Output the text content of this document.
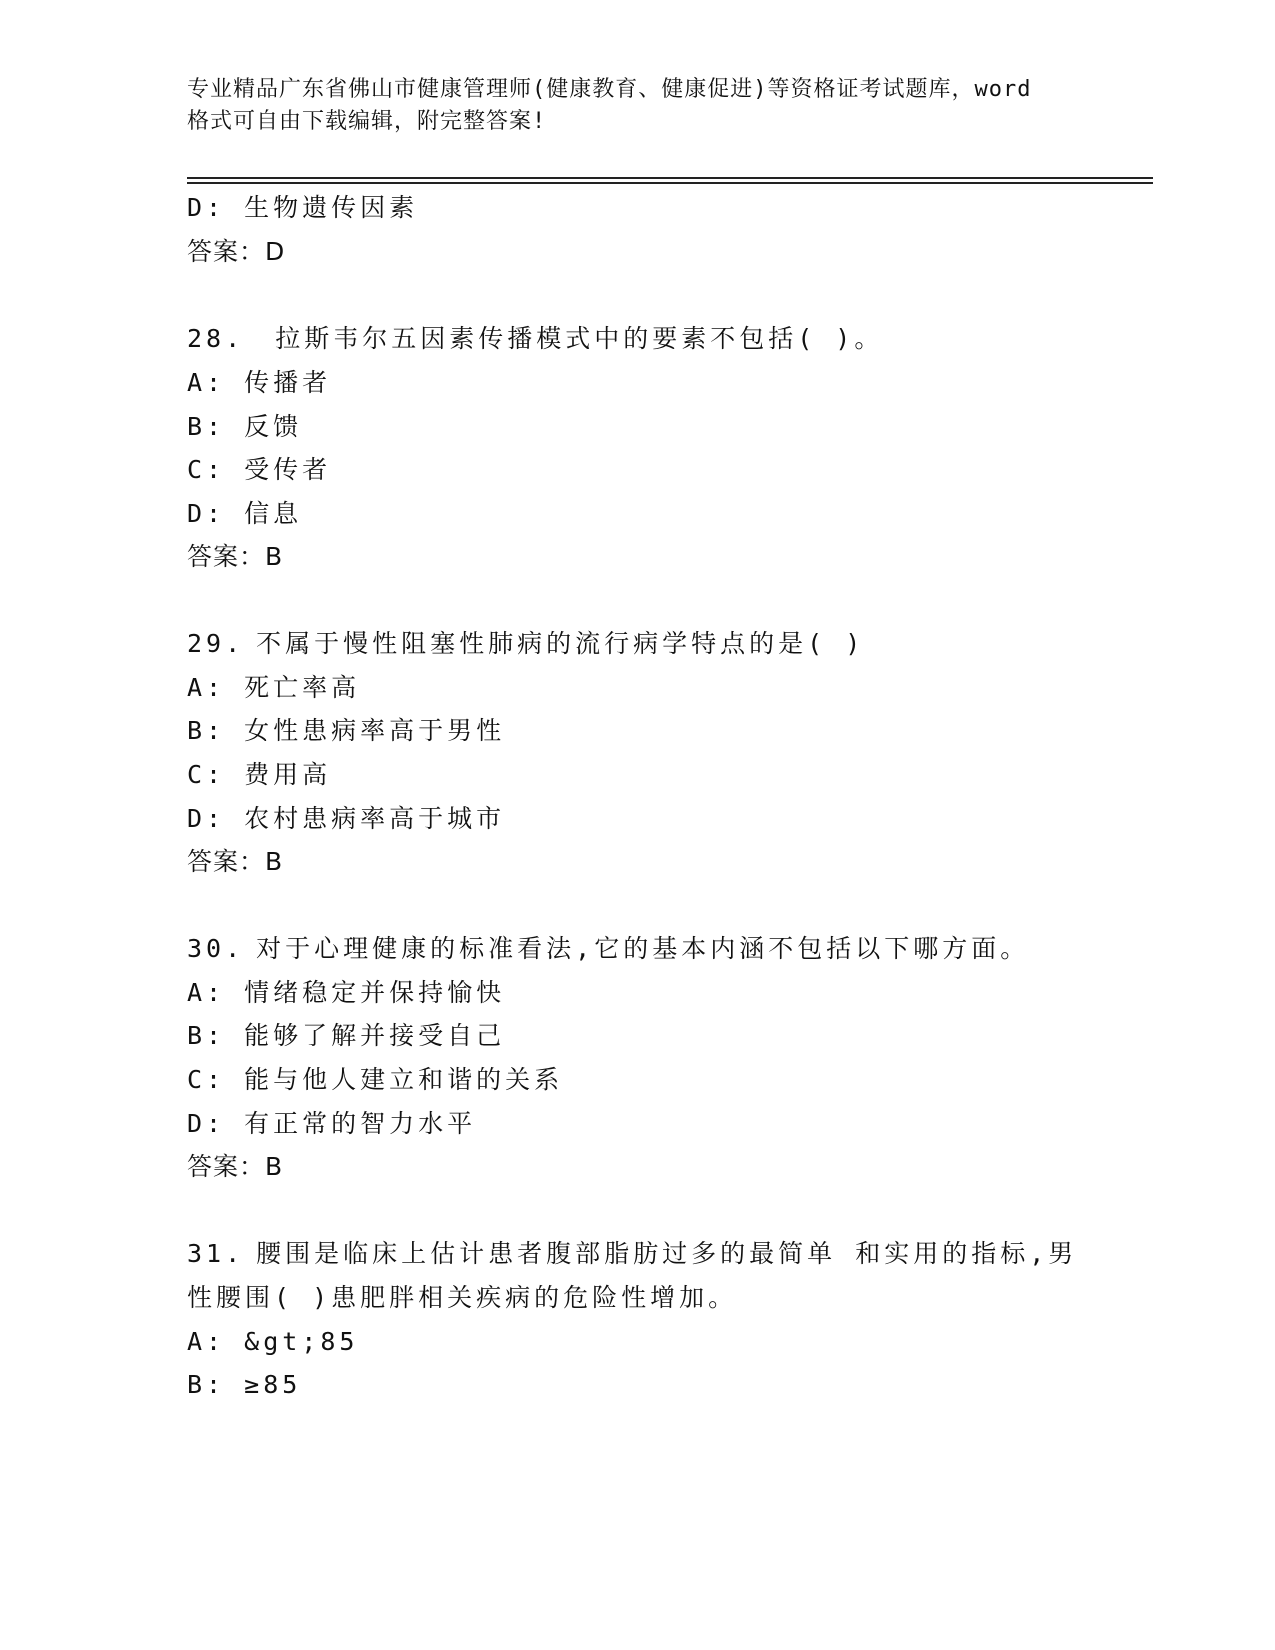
专业精品广东省佛山市健康管理师(健康教育、健康促进)等资格证考试题库，word
格式可自由下载编辑，附完整答案!
D: 生物遗传因素
答案：D
28. 拉斯韦尔五因素传播模式中的要素不包括( )。
A: 传播者
B: 反馈
C: 受传者
D: 信息
答案：B
29. 不属于慢性阻塞性肺病的流行病学特点的是( )
A: 死亡率高
B: 女性患病率高于男性
C: 费用高
D: 农村患病率高于城市
答案：B
30. 对于心理健康的标准看法,它的基本内涵不包括以下哪方面。
A: 情绪稳定并保持愉快
B: 能够了解并接受自己
C: 能与他人建立和谐的关系
D: 有正常的智力水平
答案：B
31. 腰围是临床上估计患者腹部脂肪过多的最简单 和实用的指标,男
性腰围( )患肥胖相关疾病的危险性增加。
A: &gt;85
B: ≥85
